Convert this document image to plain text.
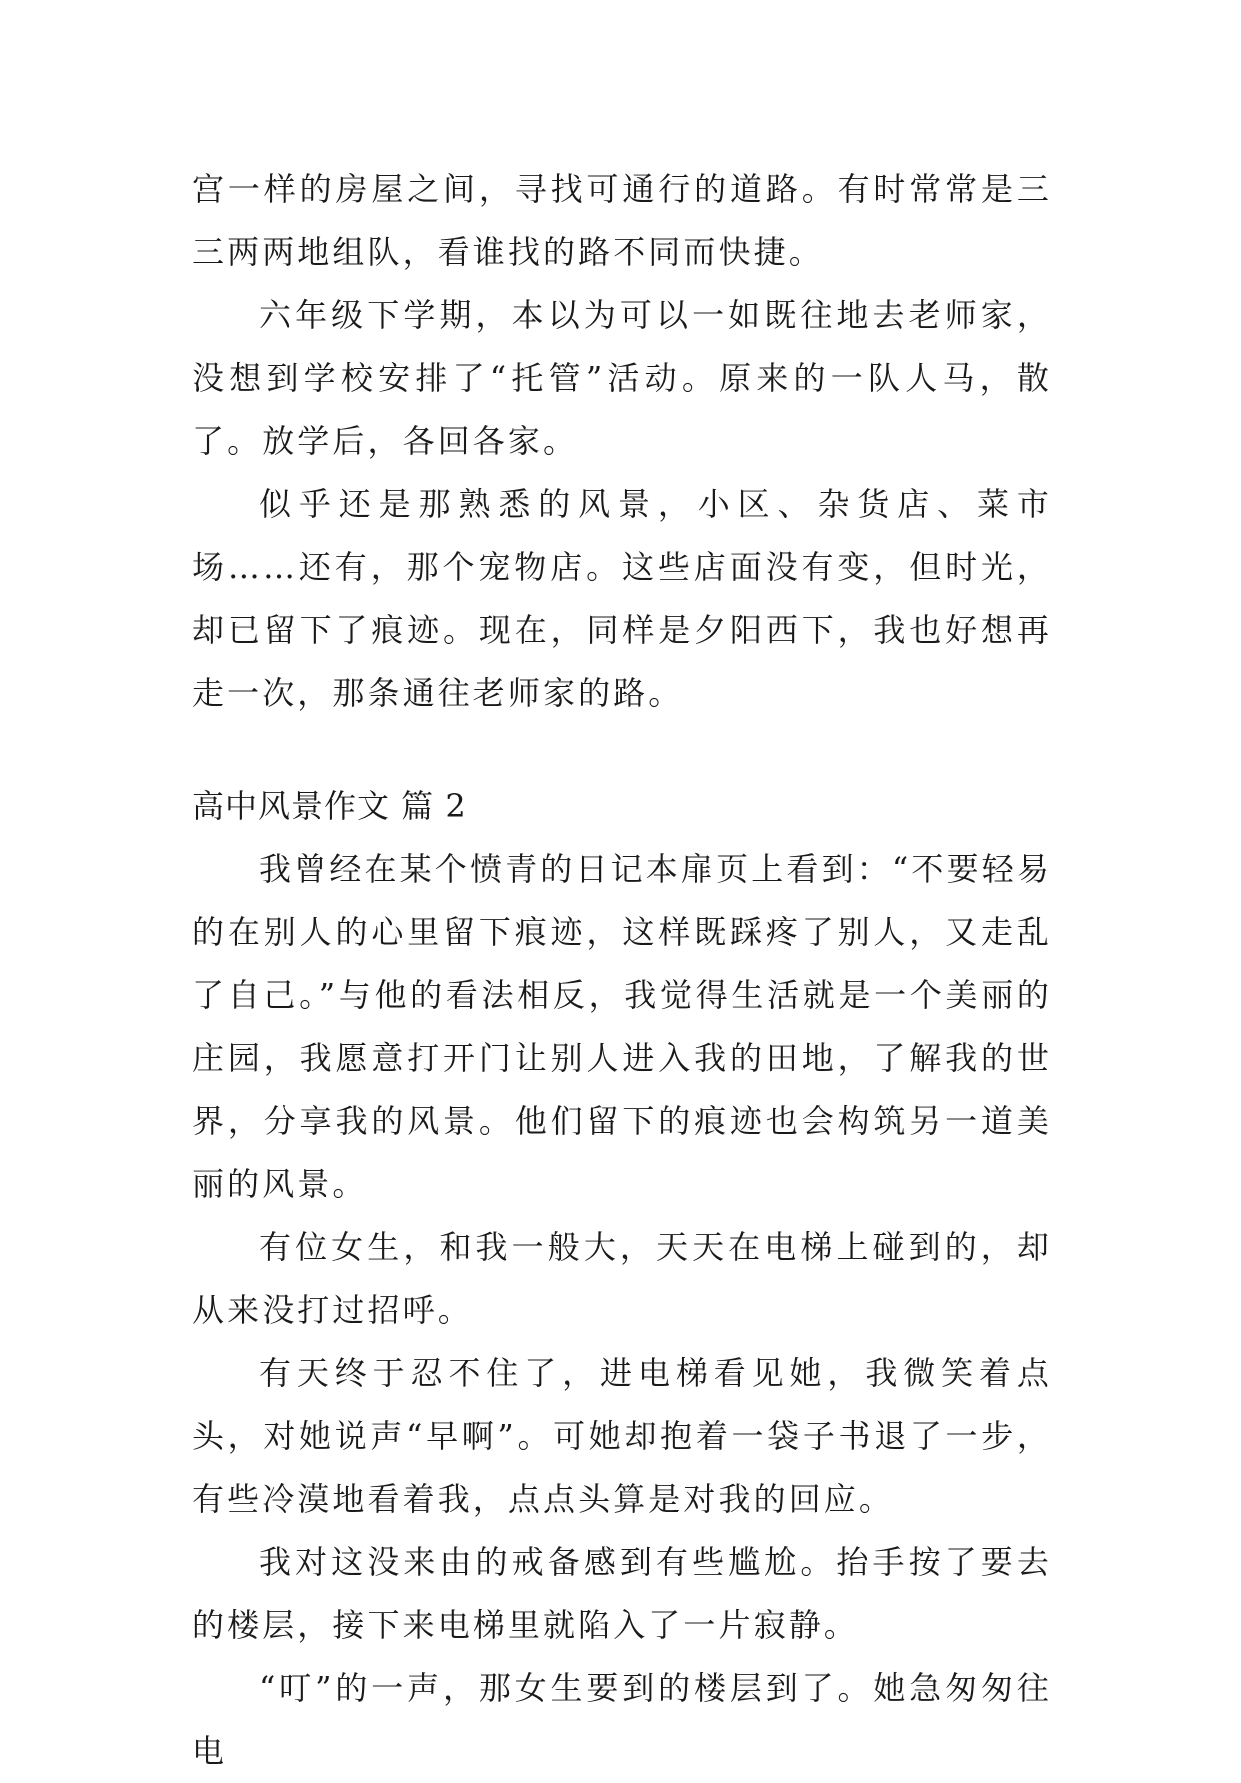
宫一样的房屋之间，寻找可通行的道路。有时常常是三三两两地组队，看谁找的路不同而快捷。

六年级下学期，本以为可以一如既往地去老师家，没想到学校安排了“托管”活动。原来的一队人马，散了。放学后，各回各家。

似乎还是那熟悉的风景，小区、杂货店、菜市场……还有，那个宠物店。这些店面没有变，但时光，却已留下了痕迹。现在，同样是夕阳西下，我也好想再走一次，那条通往老师家的路。

高中风景作文 篇 2

我曾经在某个愤青的日记本扉页上看到：“不要轻易的在别人的心里留下痕迹，这样既踩疼了别人，又走乱了自己。”与他的看法相反，我觉得生活就是一个美丽的庄园，我愿意打开门让别人进入我的田地，了解我的世界，分享我的风景。他们留下的痕迹也会构筑另一道美丽的风景。

有位女生，和我一般大，天天在电梯上碰到的，却从来没打过招呼。

有天终于忍不住了，进电梯看见她，我微笑着点头，对她说声“早啊”。可她却抱着一袋子书退了一步，有些冷漠地看着我，点点头算是对我的回应。

我对这没来由的戒备感到有些尴尬。抬手按了要去的楼层，接下来电梯里就陷入了一片寂静。

“叮”的一声，那女生要到的楼层到了。她急匆匆往电
